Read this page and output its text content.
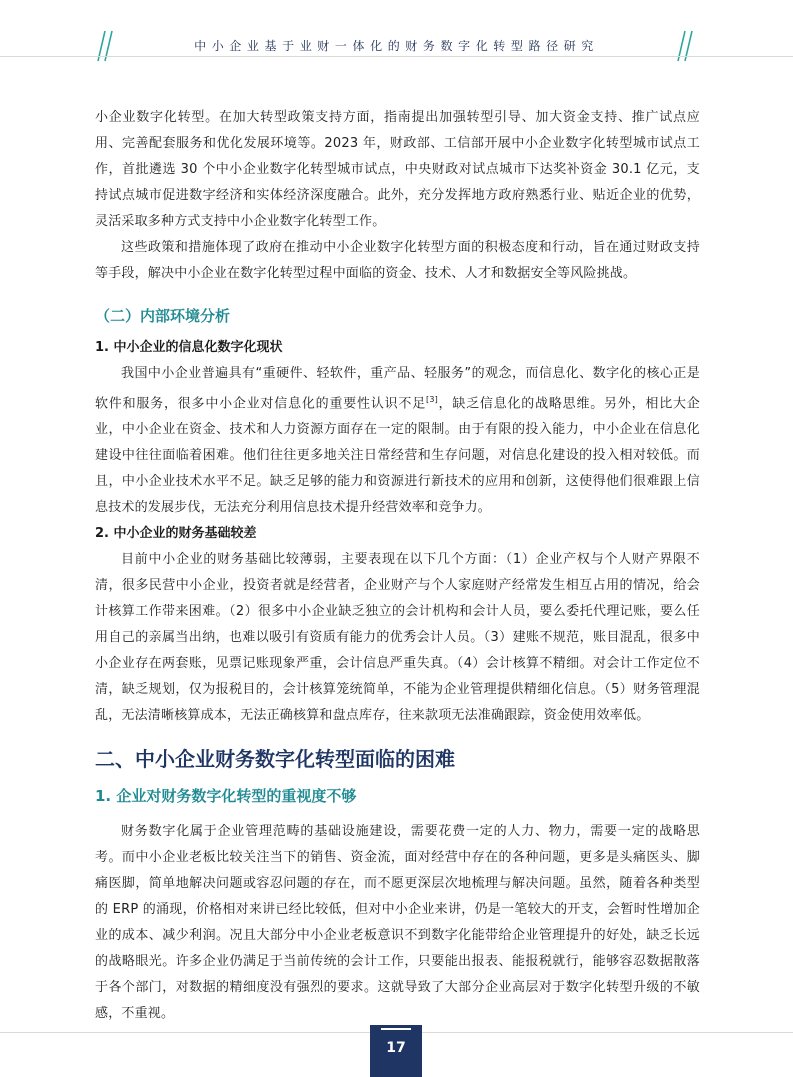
中小企业基于业财一体化的财务数字化转型路径研究

小企业数字化转型。在加大转型政策支持方面，指南提出加强转型引导、加大资金支持、推广试点应用、完善配套服务和优化发展环境等。2023 年，财政部、工信部开展中小企业数字化转型城市试点工作，首批遴选 30 个中小企业数字化转型城市试点，中央财政对试点城市下达奖补资金 30.1 亿元，支持试点城市促进数字经济和实体经济深度融合。此外，充分发挥地方政府熟悉行业、贴近企业的优势，灵活采取多种方式支持中小企业数字化转型工作。

这些政策和措施体现了政府在推动中小企业数字化转型方面的积极态度和行动，旨在通过财政支持等手段，解决中小企业在数字化转型过程中面临的资金、技术、人才和数据安全等风险挑战。

（二）内部环境分析

1. 中小企业的信息化数字化现状

我国中小企业普遍具有“重硬件、轻软件，重产品、轻服务”的观念，而信息化、数字化的核心正是软件和服务，很多中小企业对信息化的重要性认识不足[3]，缺乏信息化的战略思维。另外，相比大企业，中小企业在资金、技术和人力资源方面存在一定的限制。由于有限的投入能力，中小企业在信息化建设中往往面临着困难。他们往往更多地关注日常经营和生存问题，对信息化建设的投入相对较低。而且，中小企业技术水平不足。缺乏足够的能力和资源进行新技术的应用和创新，这使得他们很难跟上信息技术的发展步伐，无法充分利用信息技术提升经营效率和竞争力。

2. 中小企业的财务基础较差

目前中小企业的财务基础比较薄弱，主要表现在以下几个方面：（1）企业产权与个人财产界限不清，很多民营中小企业，投资者就是经营者，企业财产与个人家庭财产经常发生相互占用的情况，给会计核算工作带来困难。（2）很多中小企业缺乏独立的会计机构和会计人员，要么委托代理记账，要么任用自己的亲属当出纳，也难以吸引有资质有能力的优秀会计人员。（3）建账不规范，账目混乱，很多中小企业存在两套账，见票记账现象严重，会计信息严重失真。（4）会计核算不精细。对会计工作定位不清，缺乏规划，仅为报税目的，会计核算笼统简单，不能为企业管理提供精细化信息。（5）财务管理混乱，无法清晰核算成本，无法正确核算和盘点库存，往来款项无法准确跟踪，资金使用效率低。

二、中小企业财务数字化转型面临的困难

1. 企业对财务数字化转型的重视度不够

财务数字化属于企业管理范畴的基础设施建设，需要花费一定的人力、物力，需要一定的战略思考。而中小企业老板比较关注当下的销售、资金流，面对经营中存在的各种问题，更多是头痛医头、脚痛医脚，简单地解决问题或容忍问题的存在，而不愿更深层次地梳理与解决问题。虽然，随着各种类型的 ERP 的涌现，价格相对来讲已经比较低，但对中小企业来讲，仍是一笔较大的开支，会暂时性增加企业的成本、减少利润。况且大部分中小企业老板意识不到数字化能带给企业管理提升的好处，缺乏长远的战略眼光。许多企业仍满足于当前传统的会计工作，只要能出报表、能报税就行，能够容忍数据散落于各个部门，对数据的精细度没有强烈的要求。这就导致了大部分企业高层对于数字化转型升级的不敏感，不重视。

17
